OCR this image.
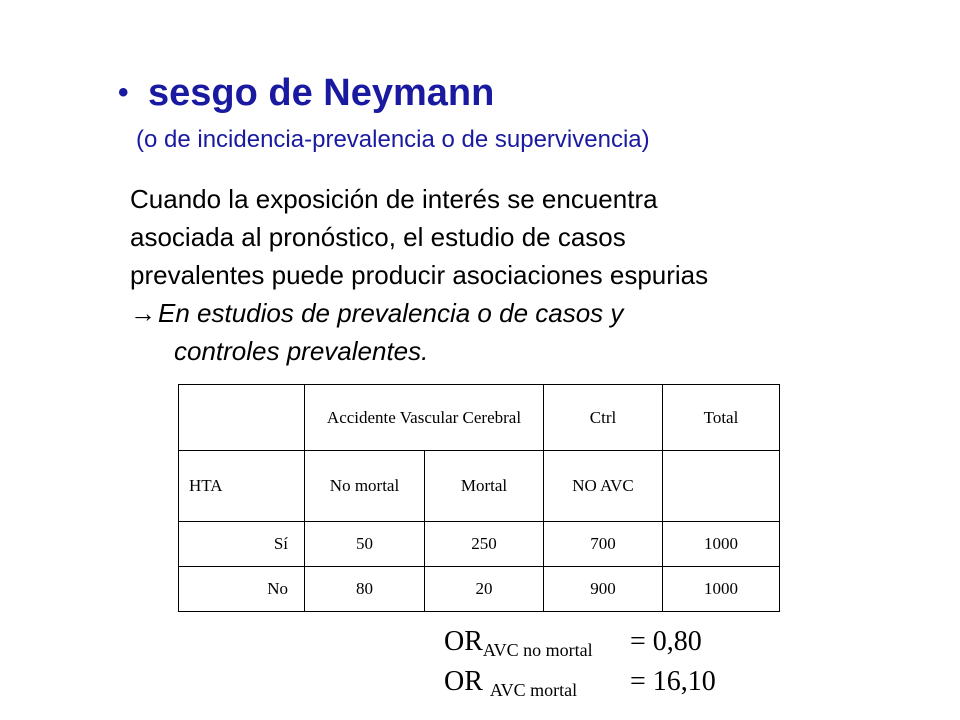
• sesgo de Neymann
(o de incidencia-prevalencia o de supervivencia)

Cuando la exposición de interés se encuentra

asociada al pronóstico, el estudio de casos

prevalentes puede producir asociaciones espurias

→En estudios de prevalencia o de casos y

controles prevalentes.

	Accidente Vascular Cerebral		Ctrl	Total
HTA	No mortal	Mortal	NO AVC	
Sí	50	250	700	1000
No	80	20	900	1000
$OR_{AVC no mortal} = 0,80$
OR $_{AVC mortal}$ = 16,10
